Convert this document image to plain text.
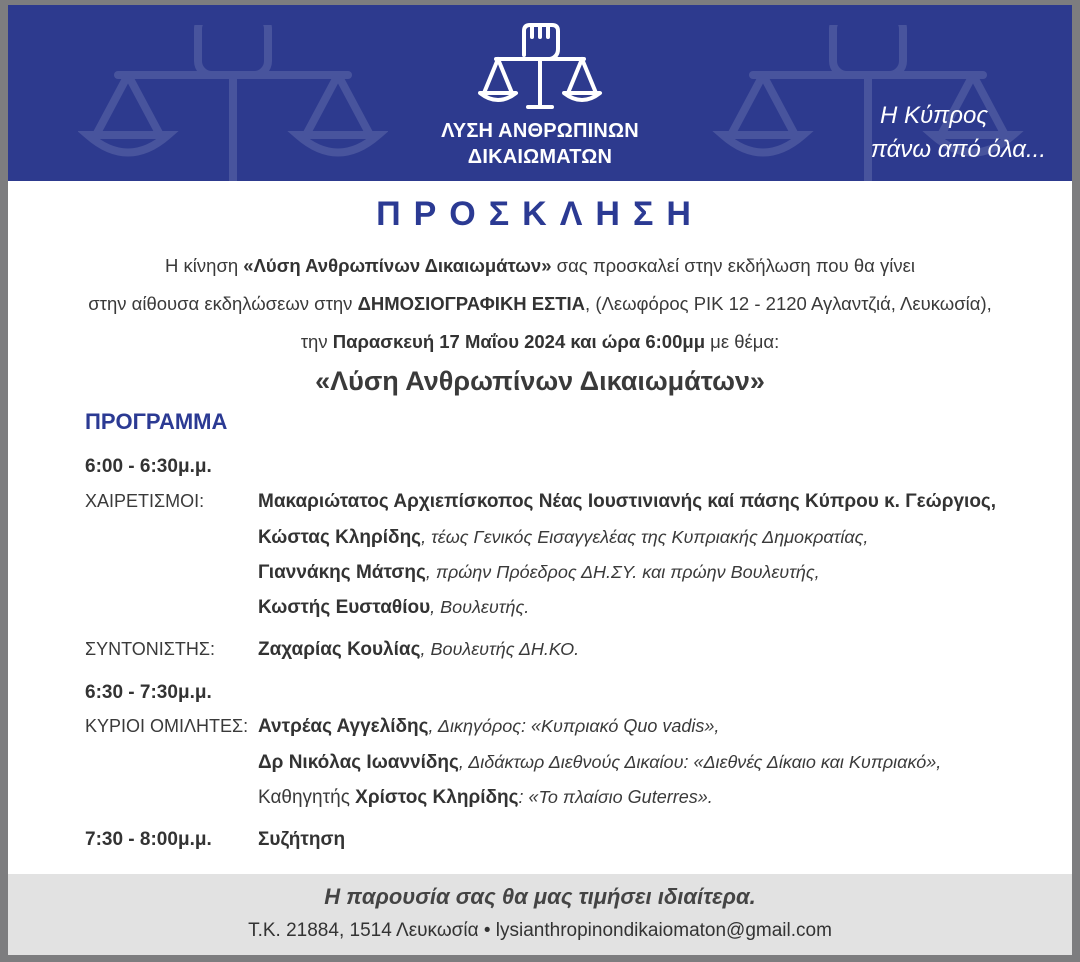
ΛΥΣΗ ΑΝΘΡΩΠΙΝΩΝ
ΔΙΚΑΙΩΜΑΤΩΝ
Η Κύπρος
πάνω από όλα...
ΠΡΟΣΚΛΗΣΗ
Η κίνηση «Λύση Ανθρωπίνων Δικαιωμάτων» σας προσκαλεί στην εκδήλωση που θα γίνει
στην αίθουσα εκδηλώσεων στην ΔΗΜΟΣΙΟΓΡΑΦΙΚΗ ΕΣΤΙΑ, (Λεωφόρος ΡΙΚ 12 - 2120 Αγλαντζιά, Λευκωσία),
την Παρασκευή 17 Μαΐου 2024 και ώρα 6:00μμ με θέμα:
«Λύση Ανθρωπίνων Δικαιωμάτων»
ΠΡΟΓΡΑΜΜΑ
6:00 - 6:30μ.μ.
ΧΑΙΡΕΤΙΣΜΟΙ:	Μακαριώτατος Αρχιεπίσκοπος Νέας Ιουστινιανής καί πάσης Κύπρου κ. Γεώργιος,
Κώστας Κληρίδης, τέως Γενικός Εισαγγελέας της Κυπριακής Δημοκρατίας,
Γιαννάκης Μάτσης, πρώην Πρόεδρος ΔΗ.ΣΥ. και πρώην Βουλευτής,
Κωστής Ευσταθίου, Βουλευτής.
ΣΥΝΤΟΝΙΣΤΗΣ: Ζαχαρίας Κουλίας, Βουλευτής ΔΗ.ΚΟ.
6:30 - 7:30μ.μ.
ΚΥΡΙΟΙ ΟΜΙΛΗΤΕΣ: Αντρέας Αγγελίδης, Δικηγόρος: «Κυπριακό Quo vadis»,
Δρ Νικόλας Ιωαννίδης, Διδάκτωρ Διεθνούς Δικαίου: «Διεθνές Δίκαιο και Κυπριακό»,
Καθηγητής Χρίστος Κληρίδης: «Το πλαίσιο Guterres».
7:30 - 8:00μ.μ. Συζήτηση
Η παρουσία σας θα μας τιμήσει ιδιαίτερα.
Τ.Κ. 21884, 1514 Λευκωσία • lysianthropinondikaiomaton@gmail.com
